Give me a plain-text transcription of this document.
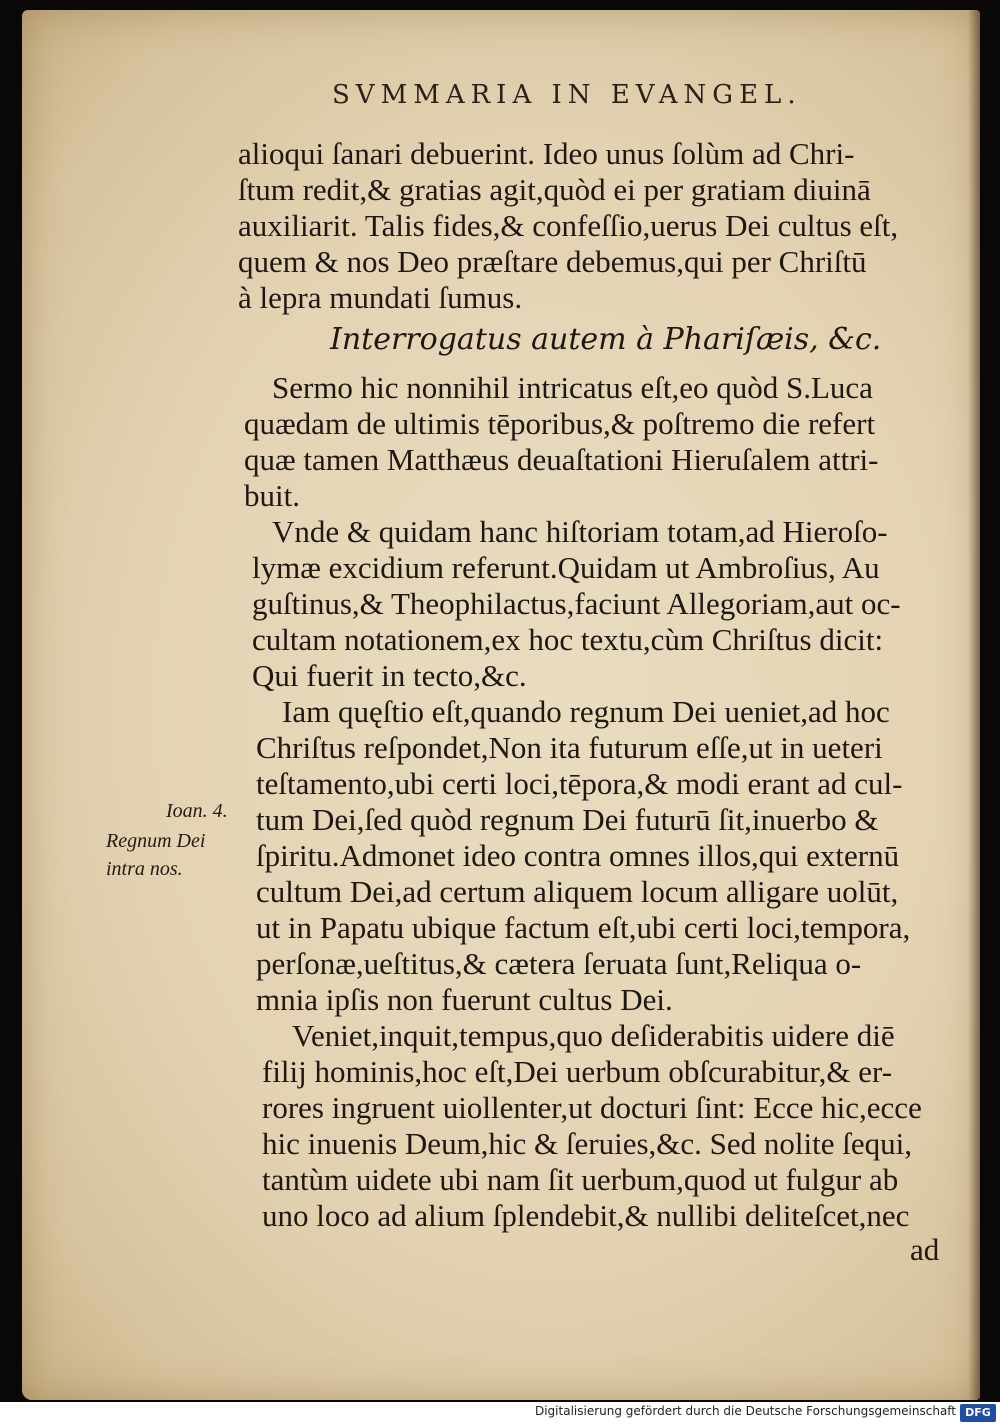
SVMMARIA IN EVANGEL.
alioqui ſanari debuerint. Ideo unus ſolùm ad Chri-
ſtum redit,& gratias agit,quòd ei per gratiam diuinā
auxiliarit. Talis fides,& confeſſio,uerus Dei cultus eſt,
quem & nos Deo præſtare debemus,qui per Chriſtū
à lepra mundati ſumus.
Interrogatus autem à Phariſæis, &c.
Sermo hic nonnihil intricatus eſt,eo quòd S.Luca
quædam de ultimis tēporibus,& poſtremo die refert
quæ tamen Matthæus deuaſtationi Hieruſalem attri-
buit.
Vnde & quidam hanc hiſtoriam totam,ad Hieroſo-
lymæ excidium referunt.Quidam ut Ambroſius, Au
guſtinus,& Theophilactus,faciunt Allegoriam,aut oc-
cultam notationem,ex hoc textu,cùm Chriſtus dicit:
Qui fuerit in tecto,&c.
Iam quęſtio eſt,quando regnum Dei ueniet,ad hoc
Chriſtus reſpondet,Non ita futurum eſſe,ut in ueteri
teſtamento,ubi certi loci,tēpora,& modi erant ad cul-
tum Dei,ſed quòd regnum Dei futurū ſit,inuerbo &
ſpiritu.Admonet ideo contra omnes illos,qui externū
cultum Dei,ad certum aliquem locum alligare uolūt,
ut in Papatu ubique factum eſt,ubi certi loci,tempora,
perſonæ,ueſtitus,& cætera ſeruata ſunt,Reliqua o-
mnia ipſis non fuerunt cultus Dei.
Veniet,inquit,tempus,quo deſiderabitis uidere diē
filij hominis,hoc eſt,Dei uerbum obſcurabitur,& er-
rores ingruent uiollenter,ut docturi ſint: Ecce hic,ecce
hic inuenis Deum,hic & ſeruies,&c. Sed nolite ſequi,
tantùm uidete ubi nam ſit uerbum,quod ut fulgur ab
uno loco ad alium ſplendebit,& nullibi deliteſcet,nec
Ioan. 4.
Regnum Dei
intra nos.
ad
Digitalisierung gefördert durch die Deutsche Forschungsgemeinschaft DFG
